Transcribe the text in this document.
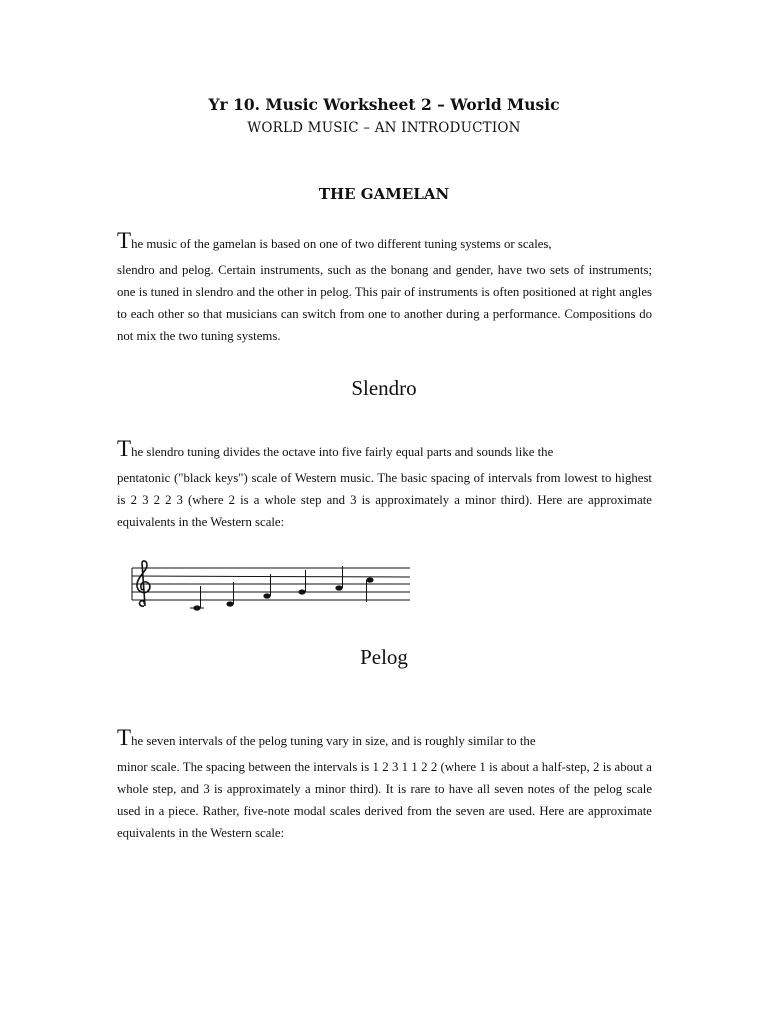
Yr 10. Music Worksheet 2 – World Music
WORLD MUSIC – AN INTRODUCTION
THE GAMELAN
The music of the gamelan is based on one of two different tuning systems or scales,
slendro and pelog. Certain instruments, such as the bonang and gender, have two sets of instruments; one is tuned in slendro and the other in pelog. This pair of instruments is often positioned at right angles to each other so that musicians can switch from one to another during a performance. Compositions do not mix the two tuning systems.
Slendro
The slendro tuning divides the octave into five fairly equal parts and sounds like the
pentatonic ("black keys") scale of Western music. The basic spacing of intervals from lowest to highest is 2 3 2 2 3 (where 2 is a whole step and 3 is approximately a minor third). Here are approximate equivalents in the Western scale:
Pelog
The seven intervals of the pelog tuning vary in size, and is roughly similar to the
minor scale. The spacing between the intervals is 1 2 3 1 1 2 2 (where 1 is about a half-step, 2 is about a whole step, and 3 is approximately a minor third). It is rare to have all seven notes of the pelog scale used in a piece. Rather, five-note modal scales derived from the seven are used. Here are approximate equivalents in the Western scale:
